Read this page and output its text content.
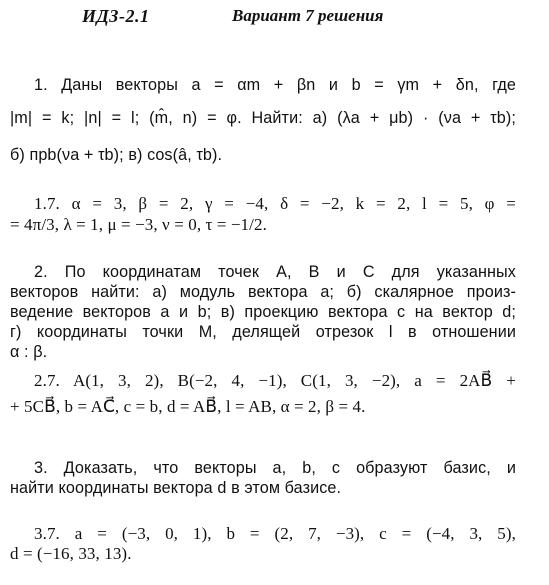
ИДЗ-2.1	Вариант 7 решения
1. Даны векторы a = αm + βn и b = γm + δn, где
|m| = k; |n| = l; (m̂, n) = φ. Найти: а) (λa + μb) · (νa + τb);
б) прb(νa + τb); в) cos(â, τb).
1.7. α = 3, β = 2, γ = −4, δ = −2, k = 2, l = 5, φ =
= 4π/3, λ = 1, μ = −3, ν = 0, τ = −1/2.
2. По координатам точек A, B и C для указанных
векторов найти: а) модуль вектора a; б) скалярное произ-
ведение векторов a и b; в) проекцию вектора c на вектор d;
г) координаты точки M, делящей отрезок l в отношении
α : β.
2.7. A(1, 3, 2), B(−2, 4, −1), C(1, 3, −2), a = 2AB⃗ +
+ 5CB⃗, b = AC⃗, c = b, d = AB⃗, l = AB, α = 2, β = 4.
3. Доказать, что векторы a, b, c образуют базис, и
найти координаты вектора d в этом базисе.
3.7. a = (−3, 0, 1), b = (2, 7, −3), c = (−4, 3, 5),
d = (−16, 33, 13).
